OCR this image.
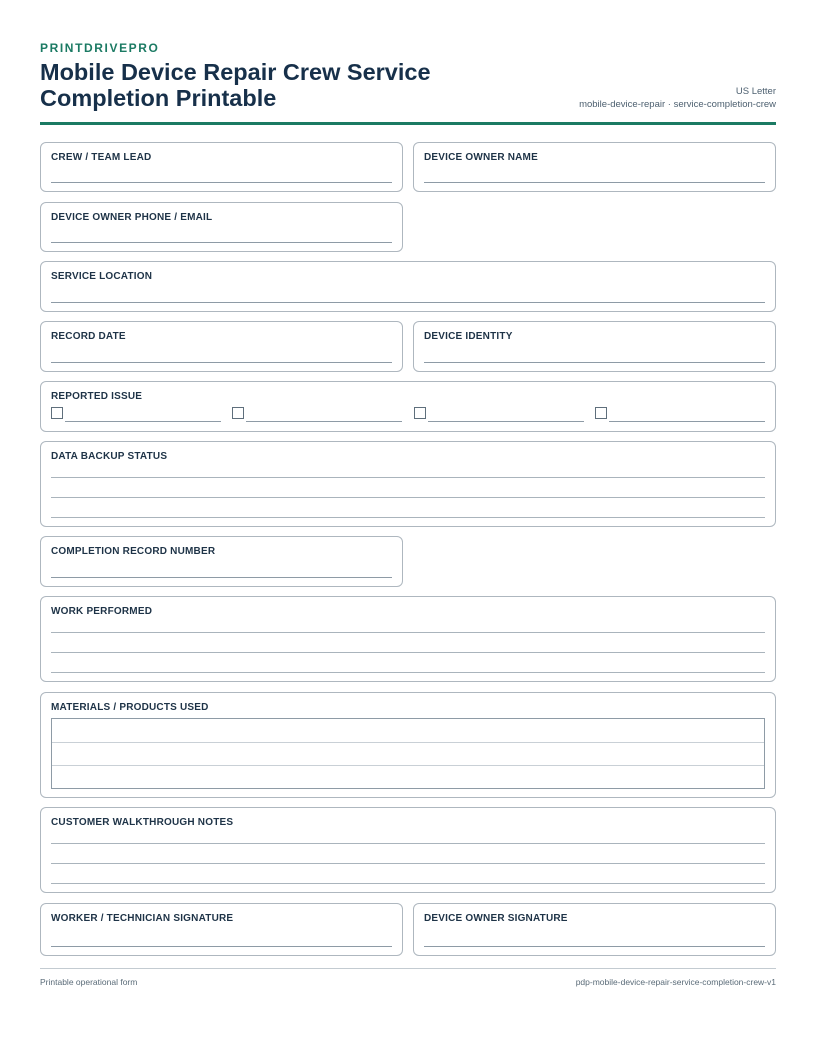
PRINTDRIVEPRO
Mobile Device Repair Crew Service Completion Printable	US Letter
mobile-device-repair · service-completion-crew
CREW / TEAM LEAD	DEVICE OWNER NAME
DEVICE OWNER PHONE / EMAIL
SERVICE LOCATION
RECORD DATE	DEVICE IDENTITY
REPORTED ISSUE
DATA BACKUP STATUS
COMPLETION RECORD NUMBER
WORK PERFORMED
MATERIALS / PRODUCTS USED
CUSTOMER WALKTHROUGH NOTES
WORKER / TECHNICIAN SIGNATURE	DEVICE OWNER SIGNATURE
Printable operational form	pdp-mobile-device-repair-service-completion-crew-v1
